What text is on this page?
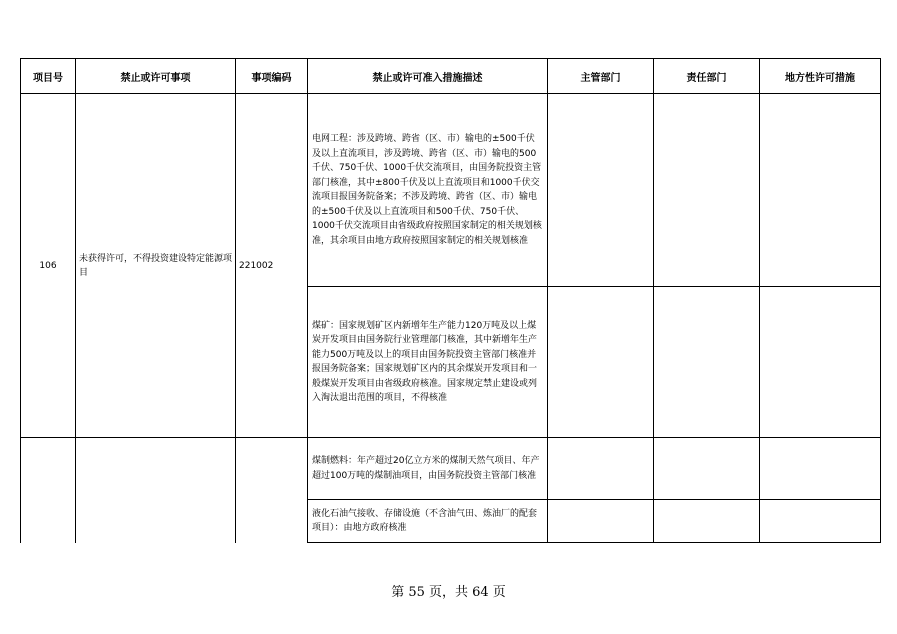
项目号	禁止或许可事项	事项编码	禁止或许可准入措施描述	主管部门	责任部门	地方性许可措施
106	未获得许可，不得投资建设特定能源项目	221002	电网工程：涉及跨境、跨省（区、市）输电的±500千伏及以上直流项目，涉及跨境、跨省（区、市）输电的500千伏、750千伏、1000千伏交流项目，由国务院投资主管部门核准，其中±800千伏及以上直流项目和1000千伏交流项目报国务院备案；不涉及跨境、跨省（区、市）输电的±500千伏及以上直流项目和500千伏、750千伏、1000千伏交流项目由省级政府按照国家制定的相关规划核准，其余项目由地方政府按照国家制定的相关规划核准			
			煤矿：国家规划矿区内新增年生产能力120万吨及以上煤炭开发项目由国务院行业管理部门核准，其中新增年生产能力500万吨及以上的项目由国务院投资主管部门核准并报国务院备案；国家规划矿区内的其余煤炭开发项目和一般煤炭开发项目由省级政府核准。国家规定禁止建设或列入淘汰退出范围的项目，不得核准			
			煤制燃料：年产超过20亿立方米的煤制天然气项目、年产超过100万吨的煤制油项目，由国务院投资主管部门核准			
			液化石油气接收、存储设施（不含油气田、炼油厂的配套项目）：由地方政府核准			
第 55 页，共 64 页
